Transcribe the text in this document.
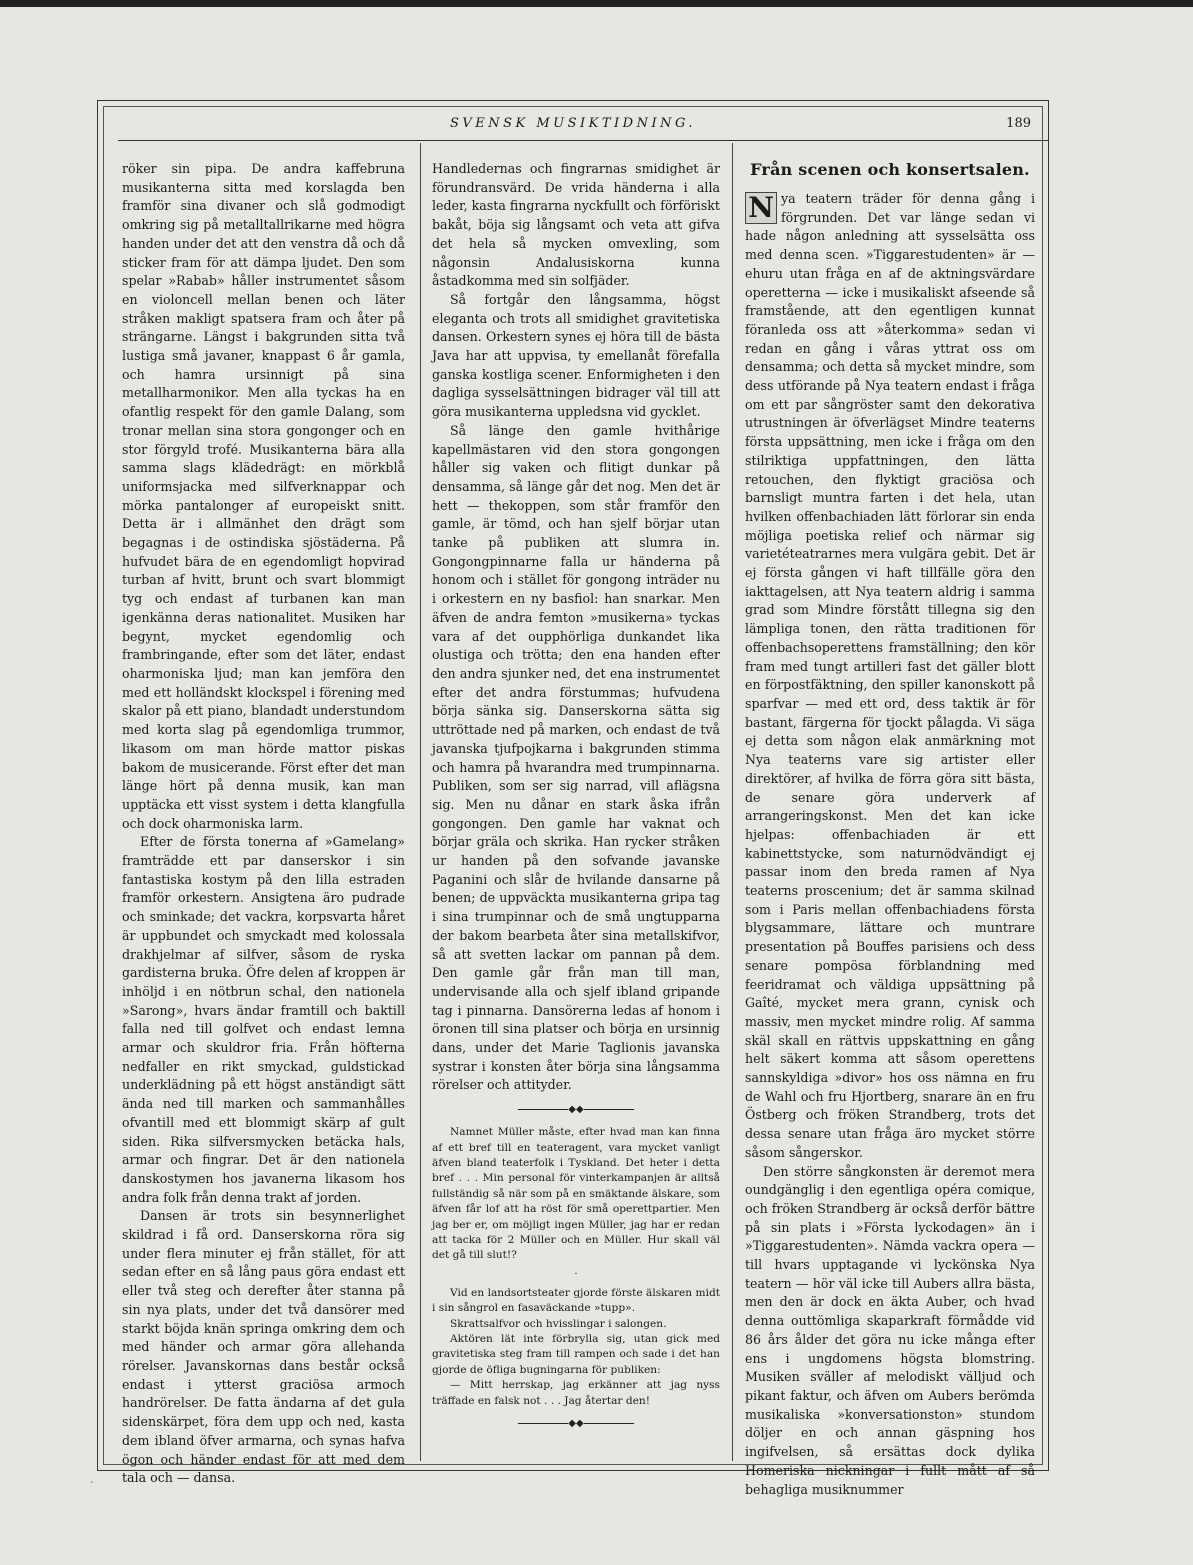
SVENSK MUSIKTIDNING.	189

röker sin pipa. De andra kaffebruna musikanterna sitta med korslagda ben framför sina divaner och slå godmodigt omkring sig på metalltallrikarne med högra handen under det att den venstra då och då sticker fram för att dämpa ljudet. Den som spelar »Rabab» håller instrumentet såsom en violoncell mellan benen och läter stråken makligt spatsera fram och åter på strängarne. Längst i bakgrunden sitta två lustiga små javaner, knappast 6 år gamla, och hamra ursinnigt på sina metallharmonikor. Men alla tyckas ha en ofantlig respekt för den gamle Dalang, som tronar mellan sina stora gongonger och en stor förgyld trofé. Musikanterna bära alla samma slags klädedrägt: en mörkblå uniformsjacka med silfverknappar och mörka pantalonger af europeiskt snitt. Detta är i allmänhet den drägt som begagnas i de ostindiska sjöstäderna. På hufvudet bära de en egendomligt hopvirad turban af hvitt, brunt och svart blommigt tyg och endast af turbanen kan man igenkänna deras nationalitet. Musiken har begynt, mycket egendomlig och frambringande, efter som det läter, endast oharmoniska ljud; man kan jemföra den med ett holländskt klockspel i förening med skalor på ett piano, blandadt understundom med korta slag på egendomliga trummor, likasom om man hörde mattor piskas bakom de musicerande. Först efter det man länge hört på denna musik, kan man upptäcka ett visst system i detta klangfulla och dock oharmoniska larm.

Efter de första tonerna af »Gamelang» framträdde ett par danserskor i sin fantastiska kostym på den lilla estraden framför orkestern. Ansigtena äro pudrade och sminkade; det vackra, korpsvarta håret är uppbundet och smyckadt med kolossala drakhjelmar af silfver, såsom de ryska gardisterna bruka. Öfre delen af kroppen är inhöljd i en nötbrun schal, den nationela »Sarong», hvars ändar framtill och baktill falla ned till golfvet och endast lemna armar och skuldror fria. Från höfterna nedfaller en rikt smyckad, guldstickad underklädning på ett högst anständigt sätt ända ned till marken och sammanhålles ofvantill med ett blommigt skärp af gult siden. Rika silfversmycken betäcka hals, armar och fingrar. Det är den nationela danskostymen hos javanerna likasom hos andra folk från denna trakt af jorden.

Dansen är trots sin besynnerlighet skildrad i få ord. Danserskorna röra sig under flera minuter ej från stället, för att sedan efter en så lång paus göra endast ett eller två steg och derefter åter stanna på sin nya plats, under det två dansörer med starkt böjda knän springa omkring dem och med händer och armar göra allehanda rörelser. Javanskornas dans består också endast i ytterst graciösa armoch handrörelser. De fatta ändarna af det gula sidenskärpet, föra dem upp och ned, kasta dem ibland öfver armarna, och synas hafva ögon och händer endast för att med dem tala och — dansa.

Handledernas och fingrarnas smidighet är förundransvärd. De vrida händerna i alla leder, kasta fingrarna nyckfullt och förföriskt bakåt, böja sig långsamt och veta att gifva det hela så mycken omvexling, som någonsin Andalusiskorna kunna åstadkomma med sin solfjäder.

Så fortgår den långsamma, högst eleganta och trots all smidighet gravitetiska dansen. Orkestern synes ej höra till de bästa Java har att uppvisa, ty emellanåt förefalla ganska kostliga scener. Enformigheten i den dagliga sysselsättningen bidrager väl till att göra musikanterna uppledsna vid gycklet.

Så länge den gamle hvithårige kapellmästaren vid den stora gongongen håller sig vaken och flitigt dunkar på densamma, så länge går det nog. Men det är hett — thekoppen, som står framför den gamle, är tömd, och han sjelf börjar utan tanke på publiken att slumra in. Gongongpinnarne falla ur händerna på honom och i stället för gongong inträder nu i orkestern en ny basfiol: han snarkar. Men äfven de andra femton »musikerna» tyckas vara af det oupphörliga dunkandet lika olustiga och trötta; den ena handen efter den andra sjunker ned, det ena instrumentet efter det andra förstummas; hufvudena börja sänka sig. Danserskorna sätta sig uttröttade ned på marken, och endast de två javanska tjufpojkarna i bakgrunden stimma och hamra på hvarandra med trumpinnarna. Publiken, som ser sig narrad, vill aflägsna sig. Men nu dånar en stark åska ifrån gongongen. Den gamle har vaknat och börjar gräla och skrika. Han rycker stråken ur handen på den sofvande javanske Paganini och slår de hvilande dansarne på benen; de uppväckta musikanterna gripa tag i sina trumpinnar och de små ungtupparna der bakom bearbeta åter sina metallskifvor, så att svetten lackar om pannan på dem. Den gamle går från man till man, undervisande alla och sjelf ibland gripande tag i pinnarna. Dansörerna ledas af honom i öronen till sina platser och börja en ursinnig dans, under det Marie Taglionis javanska systrar i konsten åter börja sina långsamma rörelser och attityder.

◆◆

Namnet Müller måste, efter hvad man kan finna af ett bref till en teateragent, vara mycket vanligt äfven bland teaterfolk i Tyskland. Det heter i detta bref . . . Min personal för vinterkampanjen är alltså fullständig så när som på en smäktande älskare, som äfven får lof att ha röst för små operettpartier. Men jag ber er, om möjligt ingen Müller, jag har er redan att tacka för 2 Müller och en Müller. Hur skall väl det gå till slut!?

·

Vid en landsortsteater gjorde förste älskaren midt i sin sångrol en fasaväckande »tupp».

Skrattsalfvor och hvisslingar i salongen.

Aktören lät inte förbrylla sig, utan gick med gravitetiska steg fram till rampen och sade i det han gjorde de öfliga bugningarna för publiken:

— Mitt herrskap, jag erkänner att jag nyss träffade en falsk not . . . Jag återtar den!

◆◆
Från scenen och konsertsalen.

N ya teatern träder för denna gång i förgrunden. Det var länge sedan vi hade någon anledning att sysselsätta oss med denna scen. »Tiggarestudenten» är — ehuru utan fråga en af de aktningsvärdare operetterna — icke i musikaliskt afseende så framstående, att den egentligen kunnat föranleda oss att »återkomma» sedan vi redan en gång i våras yttrat oss om densamma; och detta så mycket mindre, som dess utförande på Nya teatern endast i fråga om ett par sångröster samt den dekorativa utrustningen är öfverlägset Mindre teaterns första uppsättning, men icke i fråga om den stilriktiga uppfattningen, den lätta retouchen, den flyktigt graciösa och barnsligt muntra farten i det hela, utan hvilken offenbachiaden lätt förlorar sin enda möjliga poetiska relief och närmar sig varietéteatrarnes mera vulgära gebit. Det är ej första gången vi haft tillfälle göra den iakttagelsen, att Nya teatern aldrig i samma grad som Mindre förstått tillegna sig den lämpliga tonen, den rätta traditionen för offenbachsoperettens framställning; den kör fram med tungt artilleri fast det gäller blott en förpostfäktning, den spiller kanonskott på sparfvar — med ett ord, dess taktik är för bastant, färgerna för tjockt pålagda. Vi säga ej detta som någon elak anmärkning mot Nya teaterns vare sig artister eller direktörer, af hvilka de förra göra sitt bästa, de senare göra underverk af arrangeringskonst. Men det kan icke hjelpas: offenbachiaden är ett kabinettstycke, som naturnödvändigt ej passar inom den breda ramen af Nya teaterns proscenium; det är samma skilnad som i Paris mellan offenbachiadens första blygsammare, lättare och muntrare presentation på Bouffes parisiens och dess senare pompösa förblandning med feeridramat och väldiga uppsättning på Gaîté, mycket mera grann, cynisk och massiv, men mycket mindre rolig. Af samma skäl skall en rättvis uppskattning en gång helt säkert komma att såsom operettens sannskyldiga »divor» hos oss nämna en fru de Wahl och fru Hjortberg, snarare än en fru Östberg och fröken Strandberg, trots det dessa senare utan fråga äro mycket större såsom sångerskor.

Den större sångkonsten är deremot mera oundgänglig i den egentliga opéra comique, och fröken Strandberg är också derför bättre på sin plats i »Första lyckodagen» än i »Tiggarestudenten». Nämda vackra opera — till hvars upptagande vi lyckönska Nya teatern — hör väl icke till Aubers allra bästa, men den är dock en äkta Auber, och hvad denna outtömliga skaparkraft förmådde vid 86 års ålder det göra nu icke många efter ens i ungdomens högsta blomstring. Musiken sväller af melodiskt välljud och pikant faktur, och äfven om Aubers berömda musikaliska »konversationston» stundom döljer en och annan gäspning hos ingifvelsen, så ersättas dock dylika Homeriska nickningar i fullt mått af så behagliga musiknummer

-
